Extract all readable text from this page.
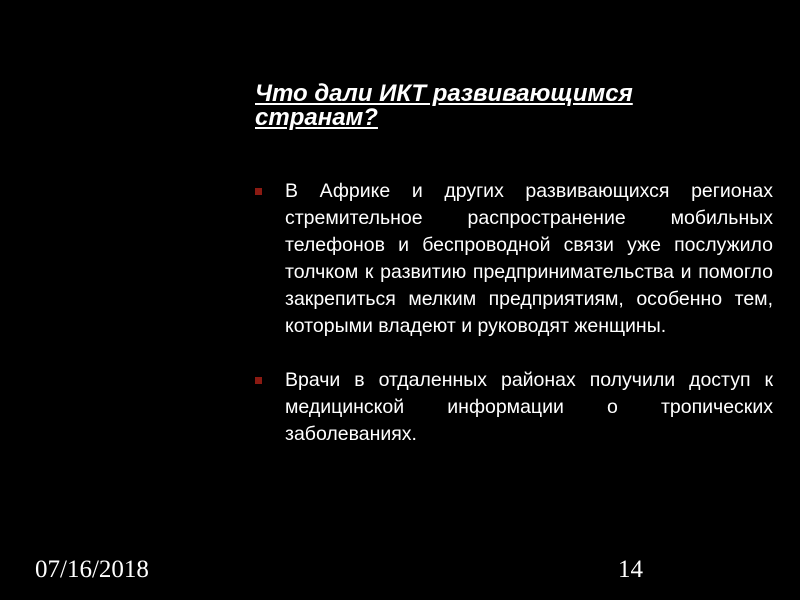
Что дали ИКТ развивающимся странам?
В Африке и других развивающихся регионах стремительное распространение мобильных телефонов и беспроводной связи уже послужило толчком к развитию предпринимательства и помогло закрепиться мелким предприятиям, особенно тем, которыми владеют и руководят женщины.
Врачи в отдаленных районах получили доступ к медицинской информации о тропических заболеваниях.
07/16/2018	14
